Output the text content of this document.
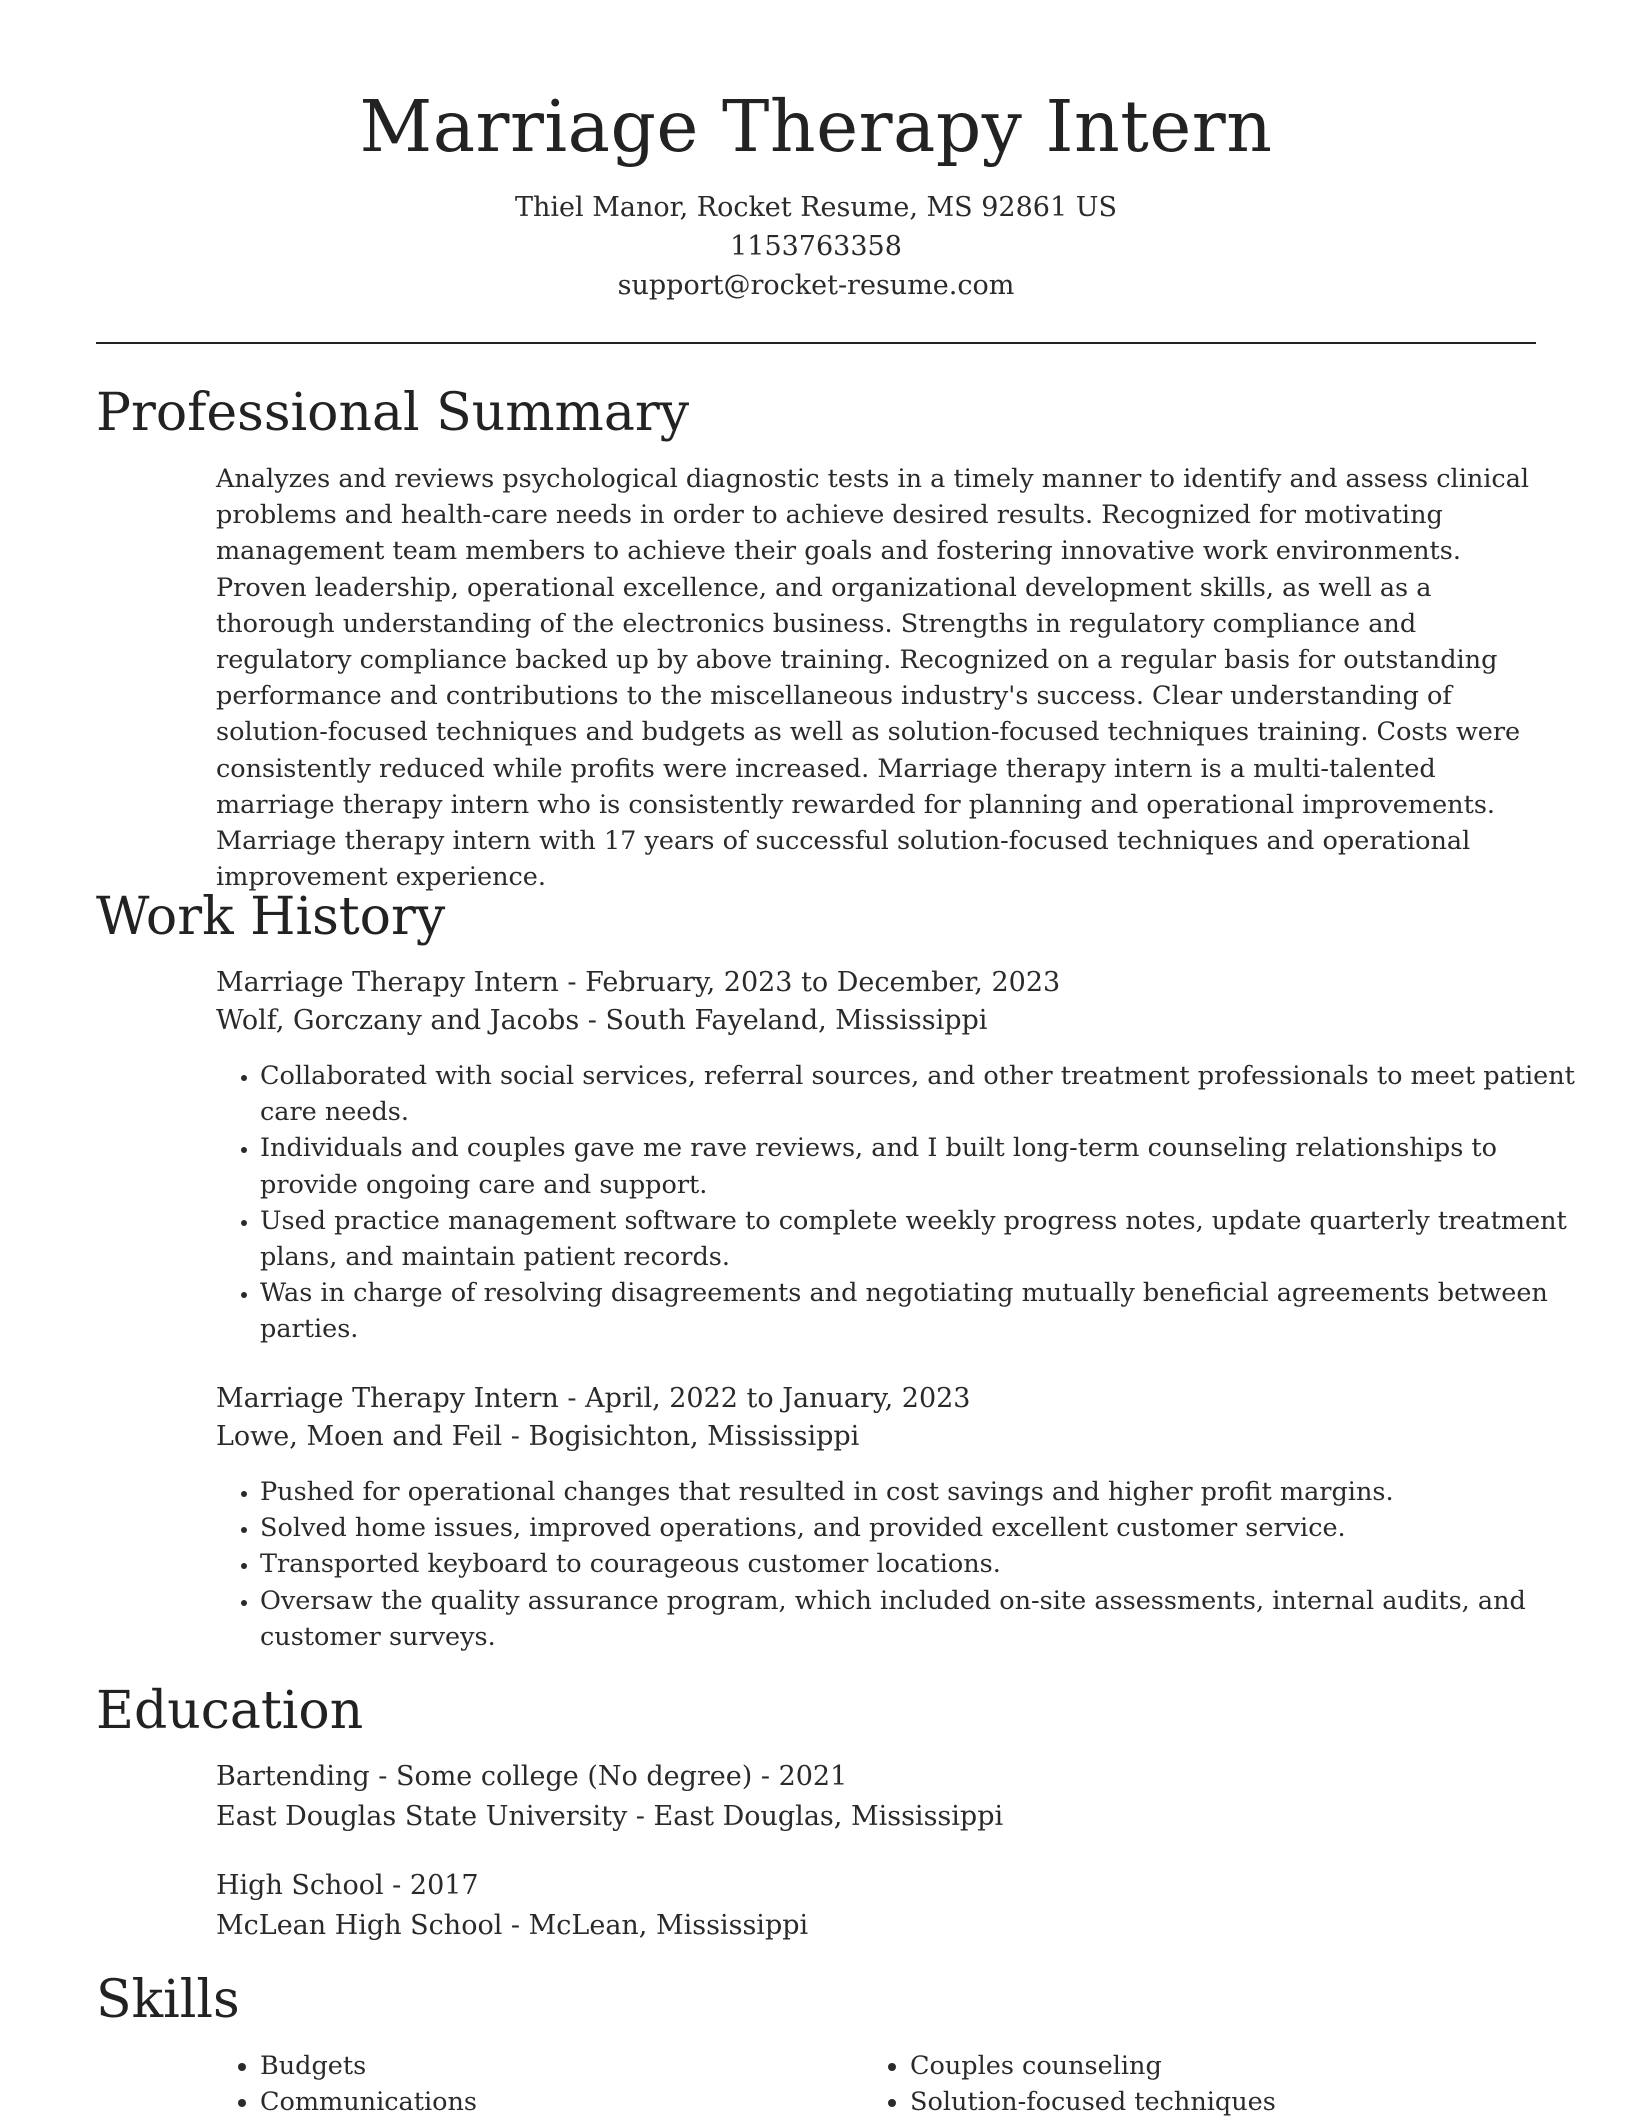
Marriage Therapy Intern
Thiel Manor, Rocket Resume, MS 92861 US
1153763358
support@rocket-resume.com
Professional Summary

Analyzes and reviews psychological diagnostic tests in a timely manner to identify and assess clinical problems and health-care needs in order to achieve desired results. Recognized for motivating management team members to achieve their goals and fostering innovative work environments. Proven leadership, operational excellence, and organizational development skills, as well as a thorough understanding of the electronics business. Strengths in regulatory compliance and regulatory compliance backed up by above training. Recognized on a regular basis for outstanding performance and contributions to the miscellaneous industry's success. Clear understanding of solution-focused techniques and budgets as well as solution-focused techniques training. Costs were consistently reduced while profits were increased. Marriage therapy intern is a multi-talented marriage therapy intern who is consistently rewarded for planning and operational improvements. Marriage therapy intern with 17 years of successful solution-focused techniques and operational improvement experience.

Work History
Marriage Therapy Intern - February, 2023 to December, 2023
Wolf, Gorczany and Jacobs - South Fayeland, Mississippi
• Collaborated with social services, referral sources, and other treatment professionals to meet patient care needs.
• Individuals and couples gave me rave reviews, and I built long-term counseling relationships to provide ongoing care and support.
• Used practice management software to complete weekly progress notes, update quarterly treatment plans, and maintain patient records.
• Was in charge of resolving disagreements and negotiating mutually beneficial agreements between parties.
Marriage Therapy Intern - April, 2022 to January, 2023
Lowe, Moen and Feil - Bogisichton, Mississippi
• Pushed for operational changes that resulted in cost savings and higher profit margins.
• Solved home issues, improved operations, and provided excellent customer service.
• Transported keyboard to courageous customer locations.
• Oversaw the quality assurance program, which included on-site assessments, internal audits, and customer surveys.
Education
Bartending - Some college (No degree) - 2021
East Douglas State University - East Douglas, Mississippi
High School - 2017
McLean High School - McLean, Mississippi
Skills
• Budgets
• Communications
• Couples counseling
• Solution-focused techniques
